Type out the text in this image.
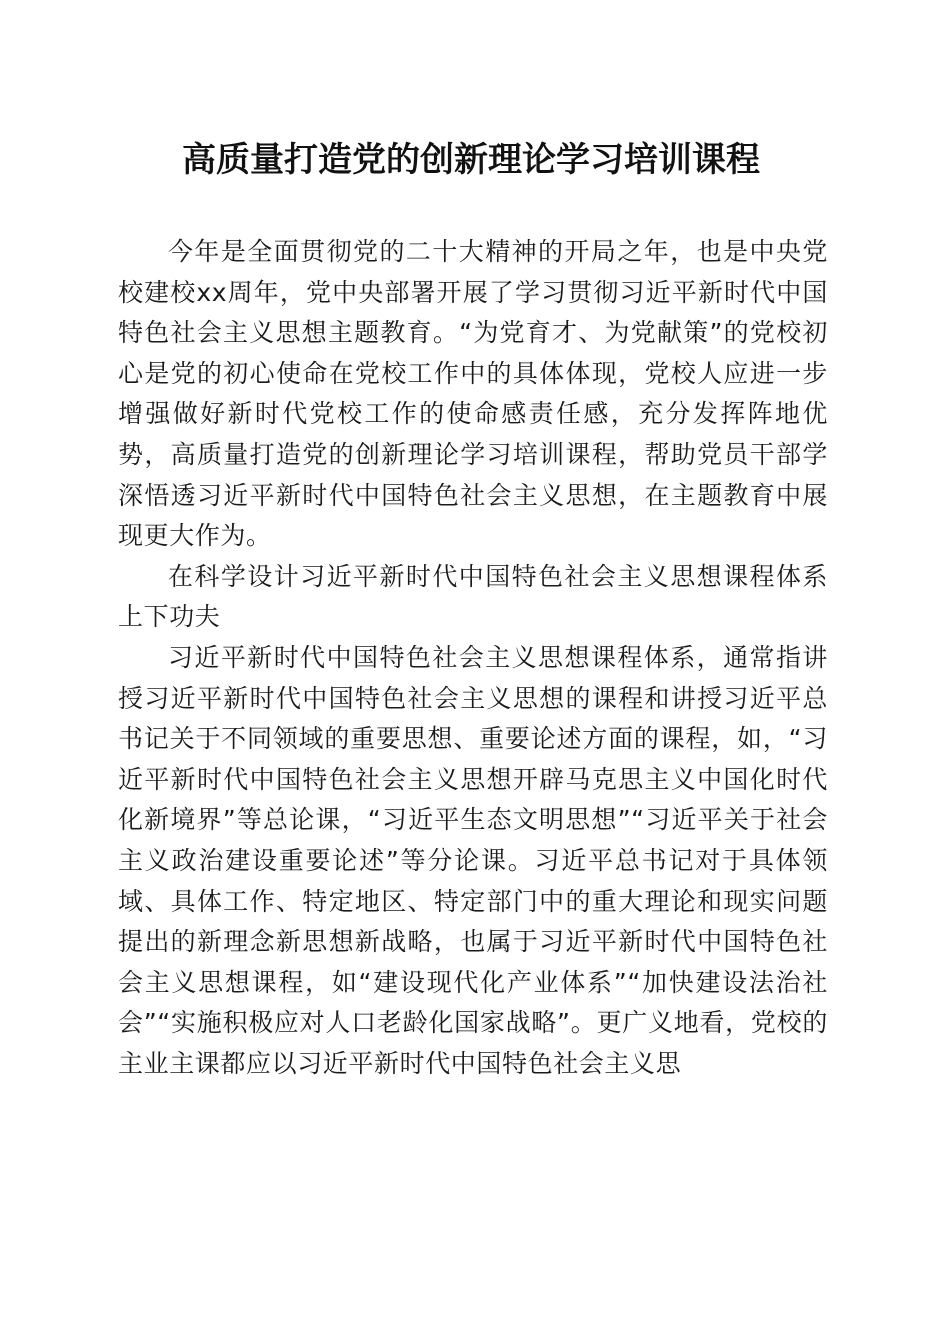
高质量打造党的创新理论学习培训课程

今年是全面贯彻党的二十大精神的开局之年，也是中央党校建校xx周年，党中央部署开展了学习贯彻习近平新时代中国特色社会主义思想主题教育。“为党育才、为党献策”的党校初心是党的初心使命在党校工作中的具体体现，党校人应进一步增强做好新时代党校工作的使命感责任感，充分发挥阵地优势，高质量打造党的创新理论学习培训课程，帮助党员干部学深悟透习近平新时代中国特色社会主义思想，在主题教育中展现更大作为。

在科学设计习近平新时代中国特色社会主义思想课程体系上下功夫

习近平新时代中国特色社会主义思想课程体系，通常指讲授习近平新时代中国特色社会主义思想的课程和讲授习近平总书记关于不同领域的重要思想、重要论述方面的课程，如，“习近平新时代中国特色社会主义思想开辟马克思主义中国化时代化新境界”等总论课，“习近平生态文明思想”“习近平关于社会主义政治建设重要论述”等分论课。习近平总书记对于具体领域、具体工作、特定地区、特定部门中的重大理论和现实问题提出的新理念新思想新战略，也属于习近平新时代中国特色社会主义思想课程，如“建设现代化产业体系”“加快建设法治社会”“实施积极应对人口老龄化国家战略”。更广义地看，党校的主业主课都应以习近平新时代中国特色社会主义思
